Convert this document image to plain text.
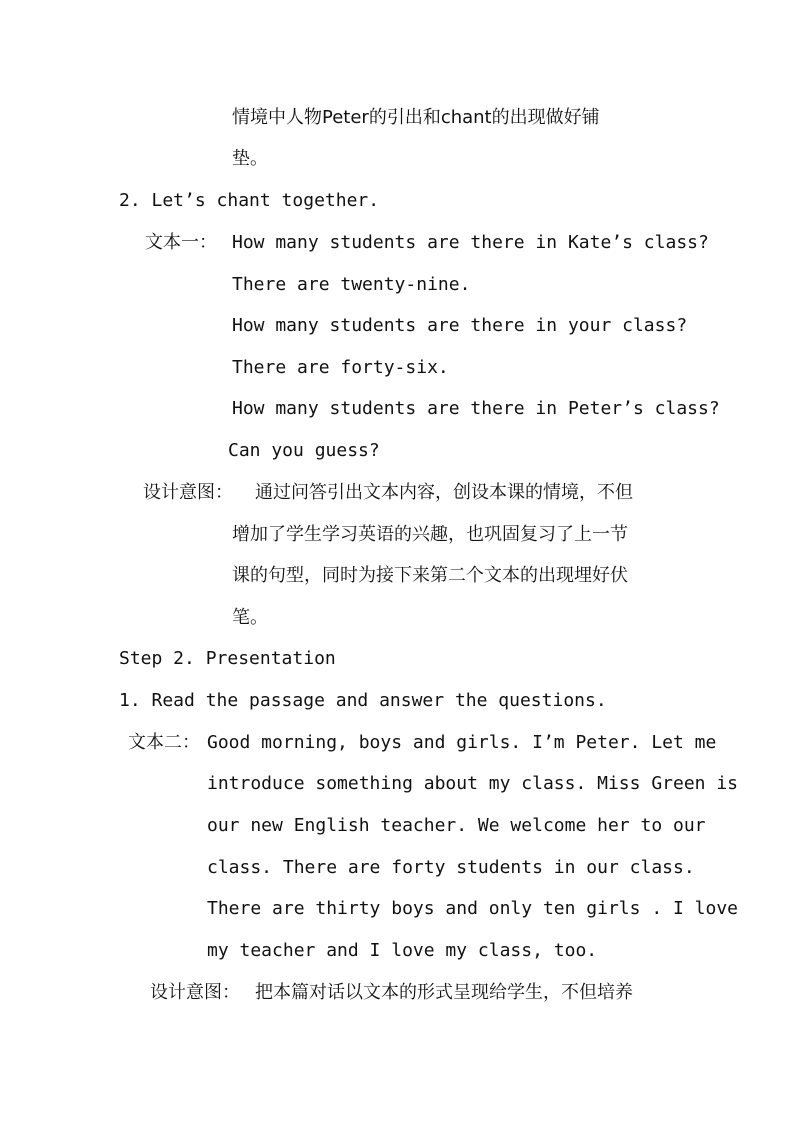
情境中人物Peter的引出和chant的出现做好铺
垫。
2. Let’s chant together.
文本一： How many students are there in Kate’s class?
There are twenty-nine.
How many students are there in your class?
There are forty-six.
How many students are there in Peter’s class?
Can you guess?
设计意图： 通过问答引出文本内容，创设本课的情境，不但
增加了学生学习英语的兴趣，也巩固复习了上一节
课的句型，同时为接下来第二个文本的出现埋好伏
笔。
Step 2. Presentation
1. Read the passage and answer the questions.
文本二： Good morning, boys and girls. I’m Peter. Let me
introduce something about my class. Miss Green is
our new English teacher. We welcome her to our
class. There are forty students in our class.
There are thirty boys and only ten girls . I love
my teacher and I love my class, too.
设计意图： 把本篇对话以文本的形式呈现给学生，不但培养
